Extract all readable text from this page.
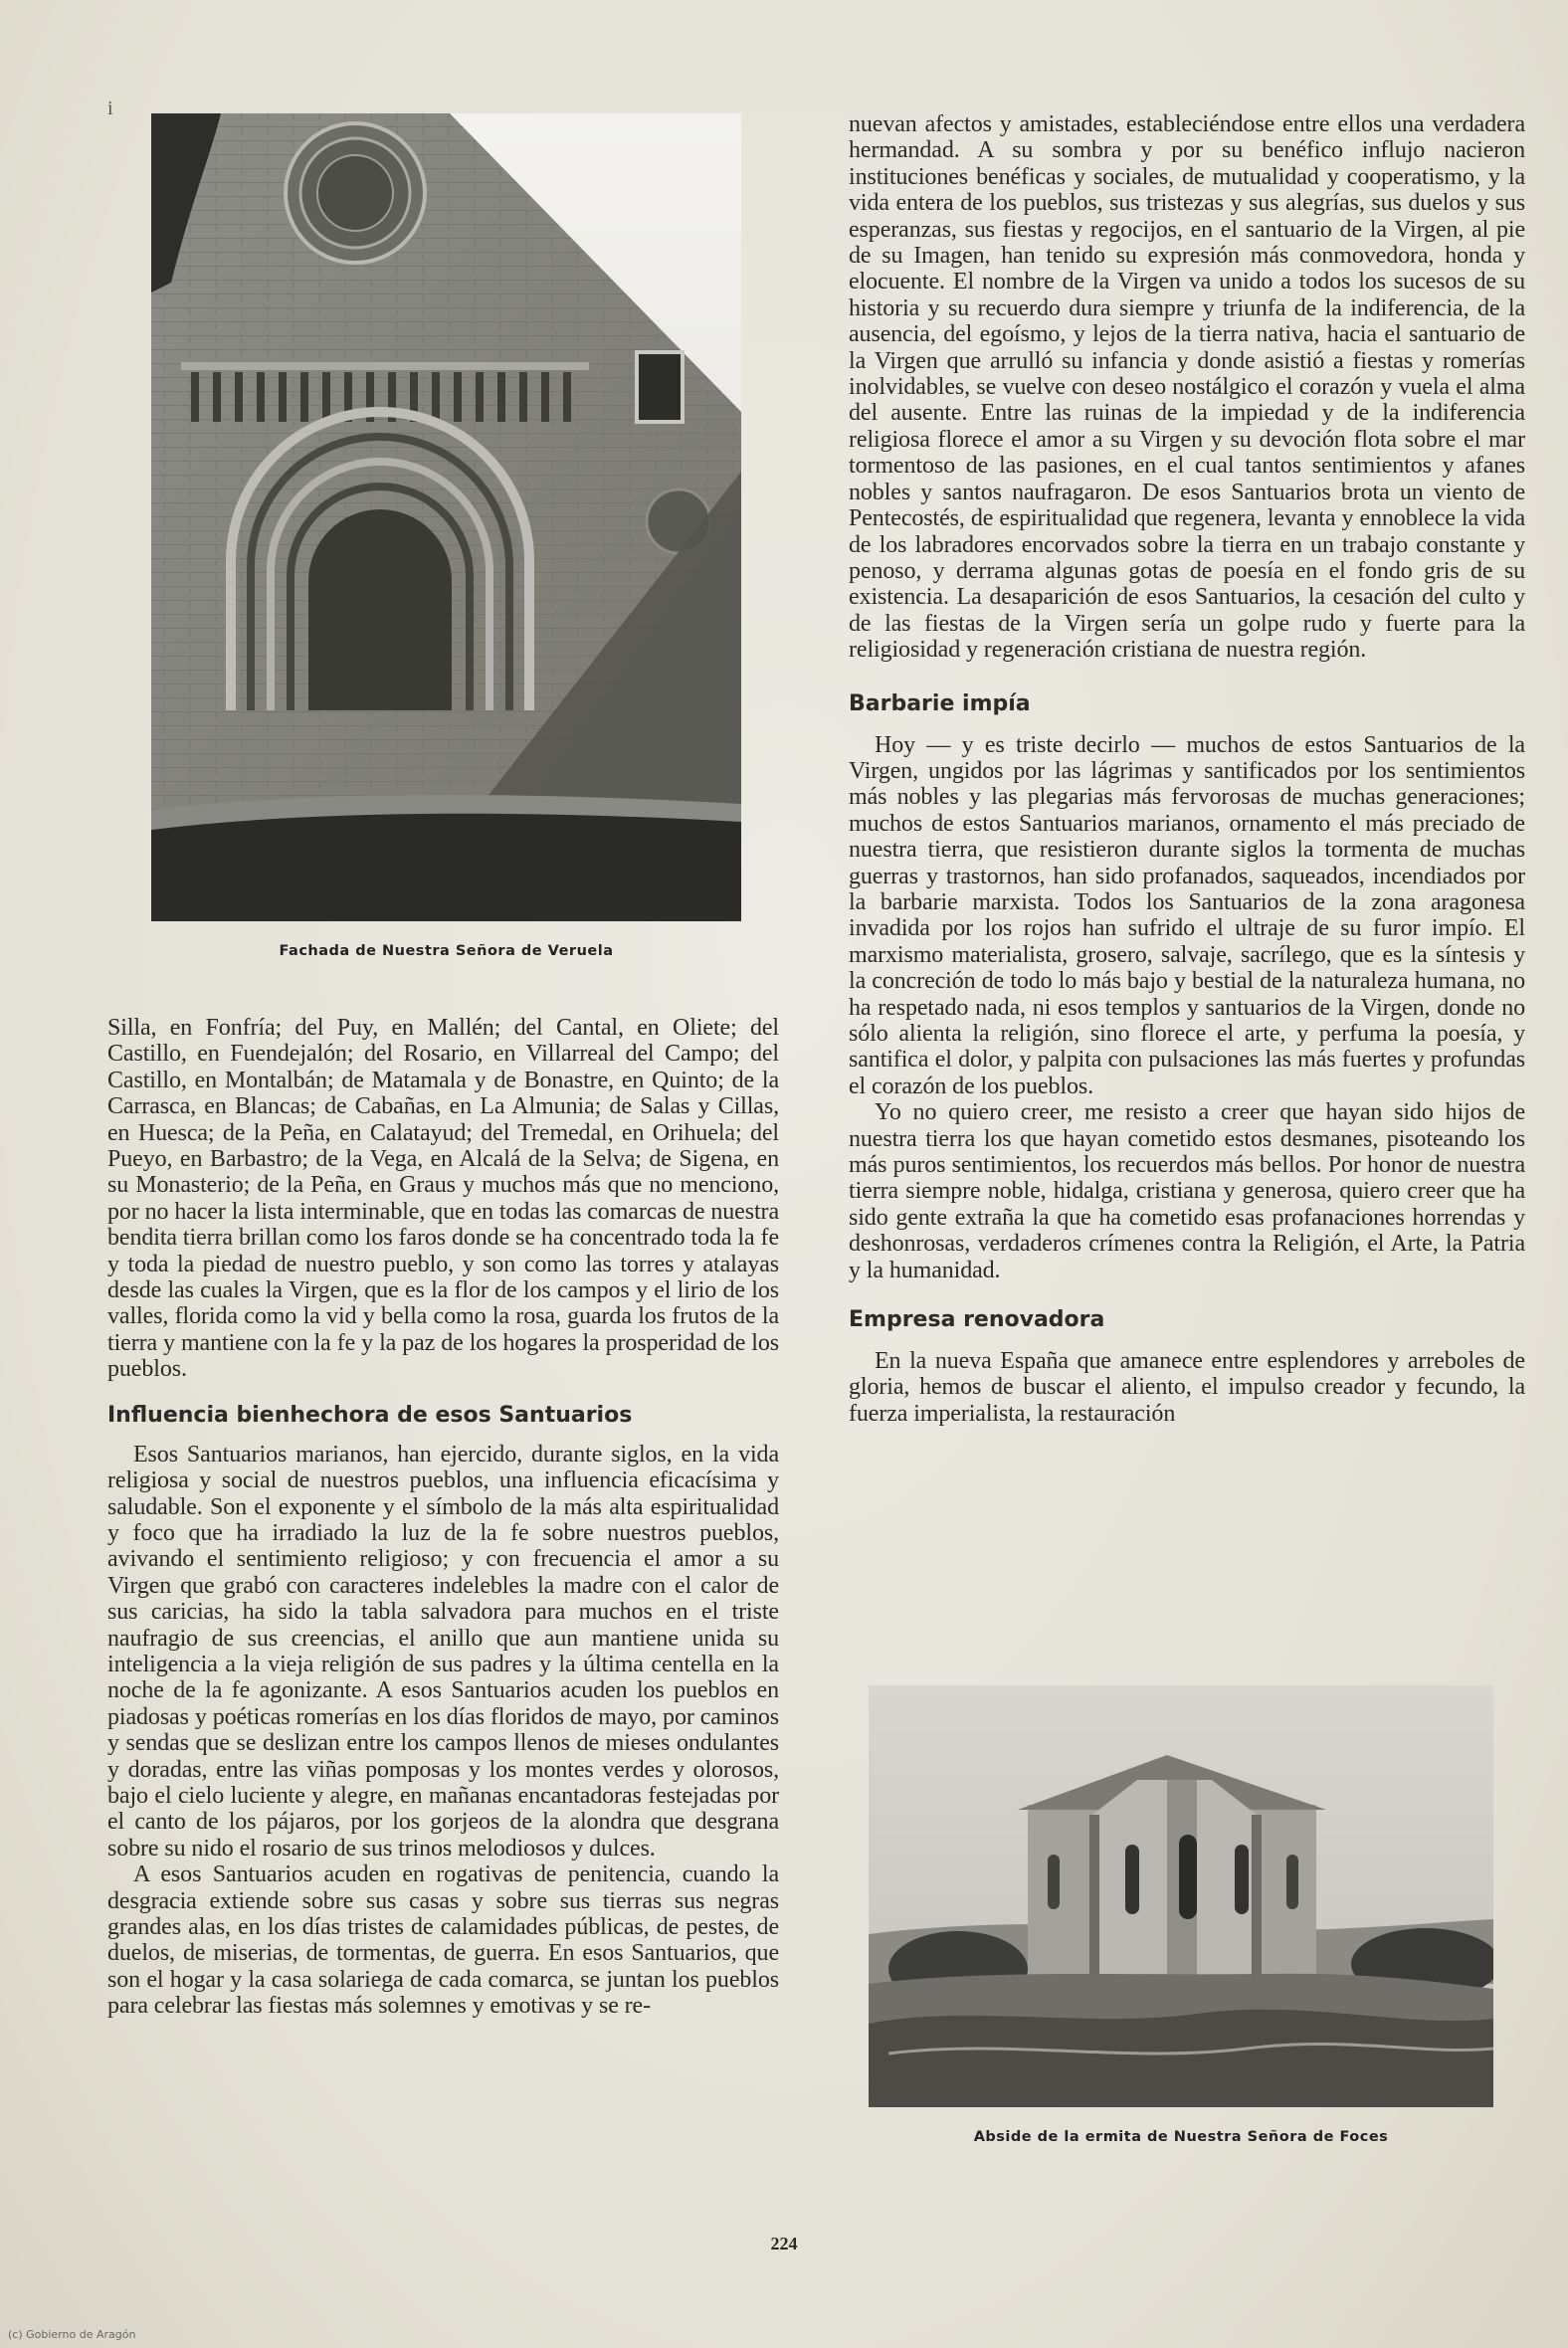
i
Fachada de Nuestra Señora de Veruela

Silla, en Fonfría; del Puy, en Mallén; del Cantal, en Oliete; del Castillo, en Fuendejalón; del Rosario, en Villarreal del Campo; del Castillo, en Montalbán; de Matamala y de Bonastre, en Quinto; de la Carrasca, en Blancas; de Cabañas, en La Almunia; de Salas y Cillas, en Huesca; de la Peña, en Calatayud; del Tremedal, en Orihuela; del Pueyo, en Barbastro; de la Vega, en Alcalá de la Selva; de Sigena, en su Monasterio; de la Peña, en Graus y muchos más que no menciono, por no hacer la lista interminable, que en todas las comarcas de nuestra bendita tierra brillan como los faros donde se ha concentrado toda la fe y toda la piedad de nuestro pueblo, y son como las torres y atalayas desde las cuales la Virgen, que es la flor de los campos y el lirio de los valles, florida como la vid y bella como la rosa, guarda los frutos de la tierra y mantiene con la fe y la paz de los hogares la prosperidad de los pueblos.

Influencia bienhechora de esos Santuarios

Esos Santuarios marianos, han ejercido, durante siglos, en la vida religiosa y social de nuestros pueblos, una influencia eficacísima y saludable. Son el exponente y el símbolo de la más alta espiritualidad y foco que ha irradiado la luz de la fe sobre nuestros pueblos, avivando el sentimiento religioso; y con frecuencia el amor a su Virgen que grabó con caracteres indelebles la madre con el calor de sus caricias, ha sido la tabla salvadora para muchos en el triste naufragio de sus creencias, el anillo que aun mantiene unida su inteligencia a la vieja religión de sus padres y la última centella en la noche de la fe agonizante. A esos Santuarios acuden los pueblos en piadosas y poéticas romerías en los días floridos de mayo, por caminos y sendas que se deslizan entre los campos llenos de mieses ondulantes y doradas, entre las viñas pomposas y los montes verdes y olorosos, bajo el cielo luciente y alegre, en mañanas encantadoras festejadas por el canto de los pájaros, por los gorjeos de la alondra que desgrana sobre su nido el rosario de sus trinos melodiosos y dulces.

A esos Santuarios acuden en rogativas de penitencia, cuando la desgracia extiende sobre sus casas y sobre sus tierras sus negras grandes alas, en los días tristes de calamidades públicas, de pestes, de duelos, de miserias, de tormentas, de guerra. En esos Santuarios, que son el hogar y la casa solariega de cada comarca, se juntan los pueblos para celebrar las fiestas más solemnes y emotivas y se re-

nuevan afectos y amistades, estableciéndose entre ellos una verdadera hermandad. A su sombra y por su benéfico influjo nacieron instituciones benéficas y sociales, de mutualidad y cooperatismo, y la vida entera de los pueblos, sus tristezas y sus alegrías, sus duelos y sus esperanzas, sus fiestas y regocijos, en el santuario de la Virgen, al pie de su Imagen, han tenido su expresión más conmovedora, honda y elocuente. El nombre de la Virgen va unido a todos los sucesos de su historia y su recuerdo dura siempre y triunfa de la indiferencia, de la ausencia, del egoísmo, y lejos de la tierra nativa, hacia el santuario de la Virgen que arrulló su infancia y donde asistió a fiestas y romerías inolvidables, se vuelve con deseo nostálgico el corazón y vuela el alma del ausente. Entre las ruinas de la impiedad y de la indiferencia religiosa florece el amor a su Virgen y su devoción flota sobre el mar tormentoso de las pasiones, en el cual tantos sentimientos y afanes nobles y santos naufragaron. De esos Santuarios brota un viento de Pentecostés, de espiritualidad que regenera, levanta y ennoblece la vida de los labradores encorvados sobre la tierra en un trabajo constante y penoso, y derrama algunas gotas de poesía en el fondo gris de su existencia. La desaparición de esos Santuarios, la cesación del culto y de las fiestas de la Virgen sería un golpe rudo y fuerte para la religiosidad y regeneración cristiana de nuestra región.

Barbarie impía

Hoy — y es triste decirlo — muchos de estos Santuarios de la Virgen, ungidos por las lágrimas y santificados por los sentimientos más nobles y las plegarias más fervorosas de muchas generaciones; muchos de estos Santuarios marianos, ornamento el más preciado de nuestra tierra, que resistieron durante siglos la tormenta de muchas guerras y trastornos, han sido profanados, saqueados, incendiados por la barbarie marxista. Todos los Santuarios de la zona aragonesa invadida por los rojos han sufrido el ultraje de su furor impío. El marxismo materialista, grosero, salvaje, sacrílego, que es la síntesis y la concreción de todo lo más bajo y bestial de la naturaleza humana, no ha respetado nada, ni esos templos y santuarios de la Virgen, donde no sólo alienta la religión, sino florece el arte, y perfuma la poesía, y santifica el dolor, y palpita con pulsaciones las más fuertes y profundas el corazón de los pueblos.

Yo no quiero creer, me resisto a creer que hayan sido hijos de nuestra tierra los que hayan cometido estos desmanes, pisoteando los más puros sentimientos, los recuerdos más bellos. Por honor de nuestra tierra siempre noble, hidalga, cristiana y generosa, quiero creer que ha sido gente extraña la que ha cometido esas profanaciones horrendas y deshonrosas, verdaderos crímenes contra la Religión, el Arte, la Patria y la humanidad.

Empresa renovadora

En la nueva España que amanece entre esplendores y arreboles de gloria, hemos de buscar el aliento, el impulso creador y fecundo, la fuerza imperialista, la restauración

Abside de la ermita de Nuestra Señora de Foces
224
(c) Gobierno de Aragón
